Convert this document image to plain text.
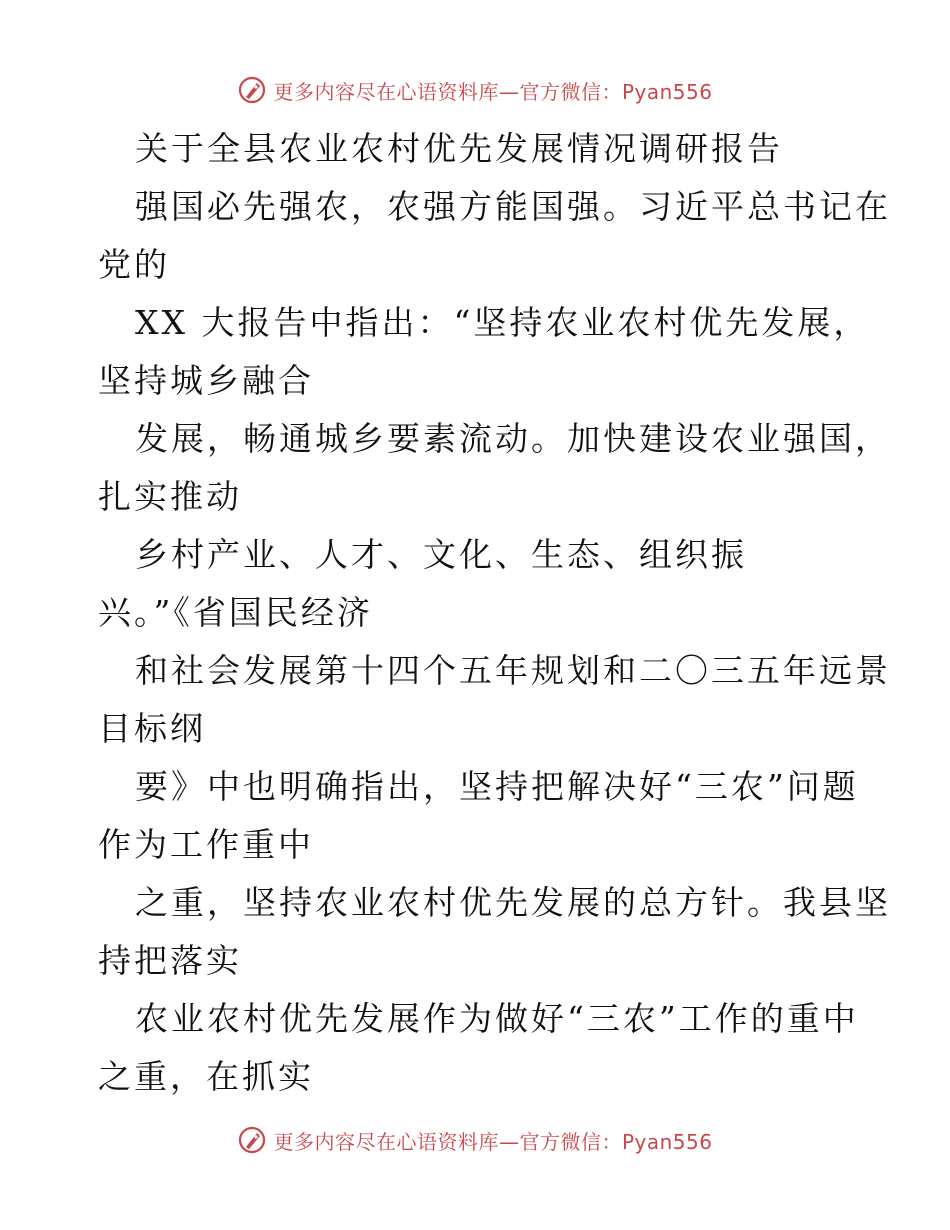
更多内容尽在心语资料库—官方微信：Pyan556
关于全县农业农村优先发展情况调研报告
强国必先强农，农强方能国强。习近平总书记在
党的
XX 大报告中指出：“坚持农业农村优先发展，
坚持城乡融合
发展，畅通城乡要素流动。加快建设农业强国，
扎实推动
乡村产业、人才、文化、生态、组织振
兴。”《省国民经济
和社会发展第十四个五年规划和二〇三五年远景
目标纲
要》中也明确指出，坚持把解决好“三农”问题
作为工作重中
之重，坚持农业农村优先发展的总方针。我县坚
持把落实
农业农村优先发展作为做好“三农”工作的重中
之重，在抓实
更多内容尽在心语资料库—官方微信：Pyan556
